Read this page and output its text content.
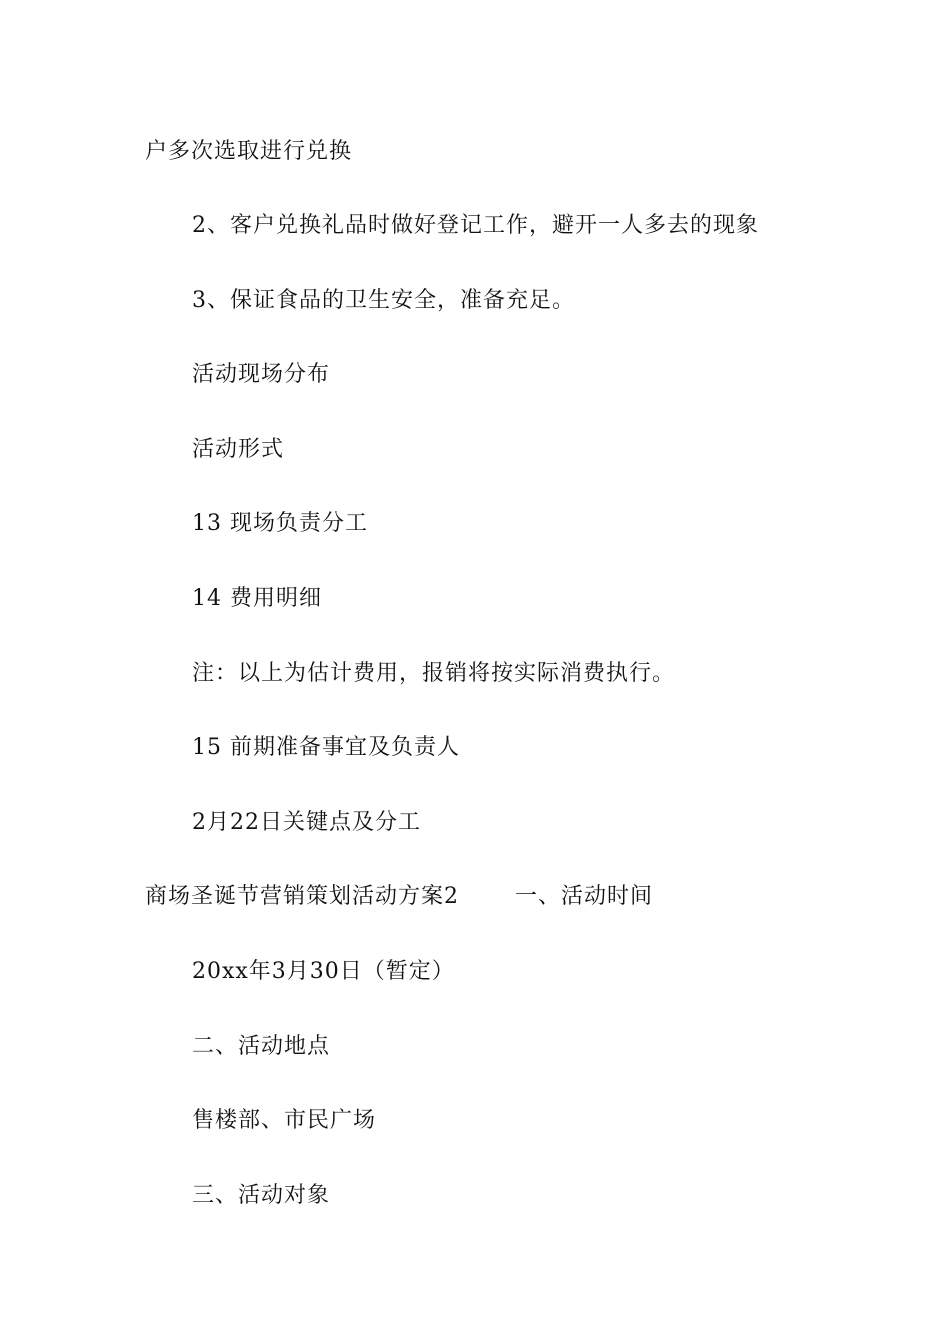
户多次选取进行兑换
2、客户兑换礼品时做好登记工作，避开一人多去的现象
3、保证食品的卫生安全，准备充足。
活动现场分布
活动形式
13 现场负责分工
14 费用明细
注：以上为估计费用，报销将按实际消费执行。
15 前期准备事宜及负责人
2月22日关键点及分工
商场圣诞节营销策划活动方案2	一、活动时间
20xx年3月30日（暂定）
二、活动地点
售楼部、市民广场
三、活动对象
